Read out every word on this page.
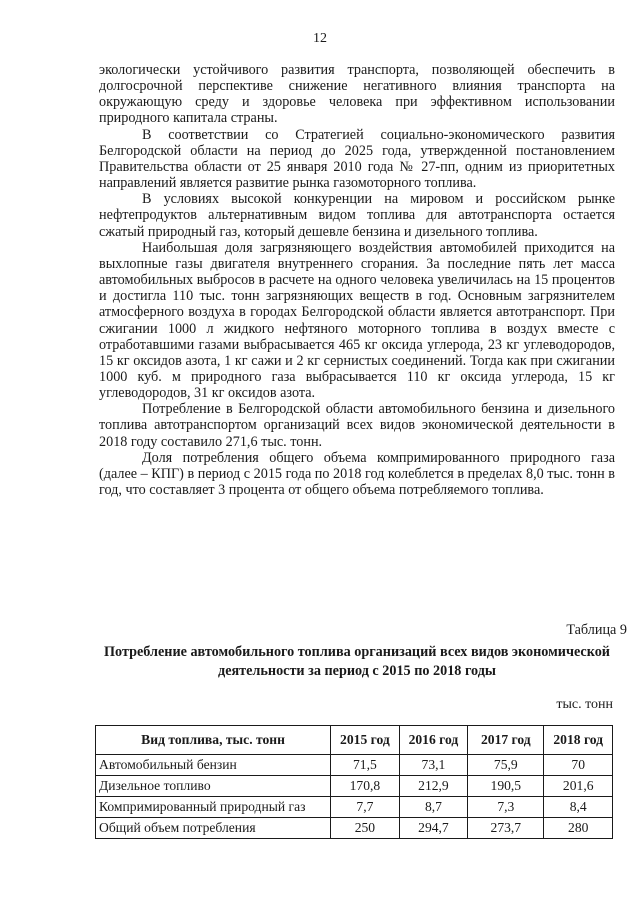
12

экологически устойчивого развития транспорта, позволяющей обеспечить в долгосрочной перспективе снижение негативного влияния транспорта на окружающую среду и здоровье человека при эффективном использовании природного капитала страны.

В соответствии со Стратегией социально-экономического развития Белгородской области на период до 2025 года, утвержденной постановлением Правительства области от 25 января 2010 года № 27-пп, одним из приоритетных направлений является развитие рынка газомоторного топлива.

В условиях высокой конкуренции на мировом и российском рынке нефтепродуктов альтернативным видом топлива для автотранспорта остается сжатый природный газ, который дешевле бензина и дизельного топлива.

Наибольшая доля загрязняющего воздействия автомобилей приходится на выхлопные газы двигателя внутреннего сгорания. За последние пять лет масса автомобильных выбросов в расчете на одного человека увеличилась на 15 процентов и достигла 110 тыс. тонн загрязняющих веществ в год. Основным загрязнителем атмосферного воздуха в городах Белгородской области является автотранспорт. При сжигании 1000 л жидкого нефтяного моторного топлива в воздух вместе с отработавшими газами выбрасывается 465 кг оксида углерода, 23 кг углеводородов, 15 кг оксидов азота, 1 кг сажи и 2 кг сернистых соединений. Тогда как при сжигании 1000 куб. м природного газа выбрасывается 110 кг оксида углерода, 15 кг углеводородов, 31 кг оксидов азота.

Потребление в Белгородской области автомобильного бензина и дизельного топлива автотранспортом организаций всех видов экономической деятельности в 2018 году составило 271,6 тыс. тонн.

Доля потребления общего объема компримированного природного газа (далее – КПГ) в период с 2015 года по 2018 год колеблется в пределах 8,0 тыс. тонн в год, что составляет 3 процента от общего объема потребляемого топлива.

Таблица 9
Потребление автомобильного топлива организаций всех видов экономической деятельности за период с 2015 по 2018 годы
тыс. тонн
Вид топлива, тыс. тонн	2015 год	2016 год	2017 год	2018 год
Автомобильный бензин	71,5	73,1	75,9	70
Дизельное топливо	170,8	212,9	190,5	201,6
Компримированный природный газ	7,7	8,7	7,3	8,4
Общий объем потребления	250	294,7	273,7	280
